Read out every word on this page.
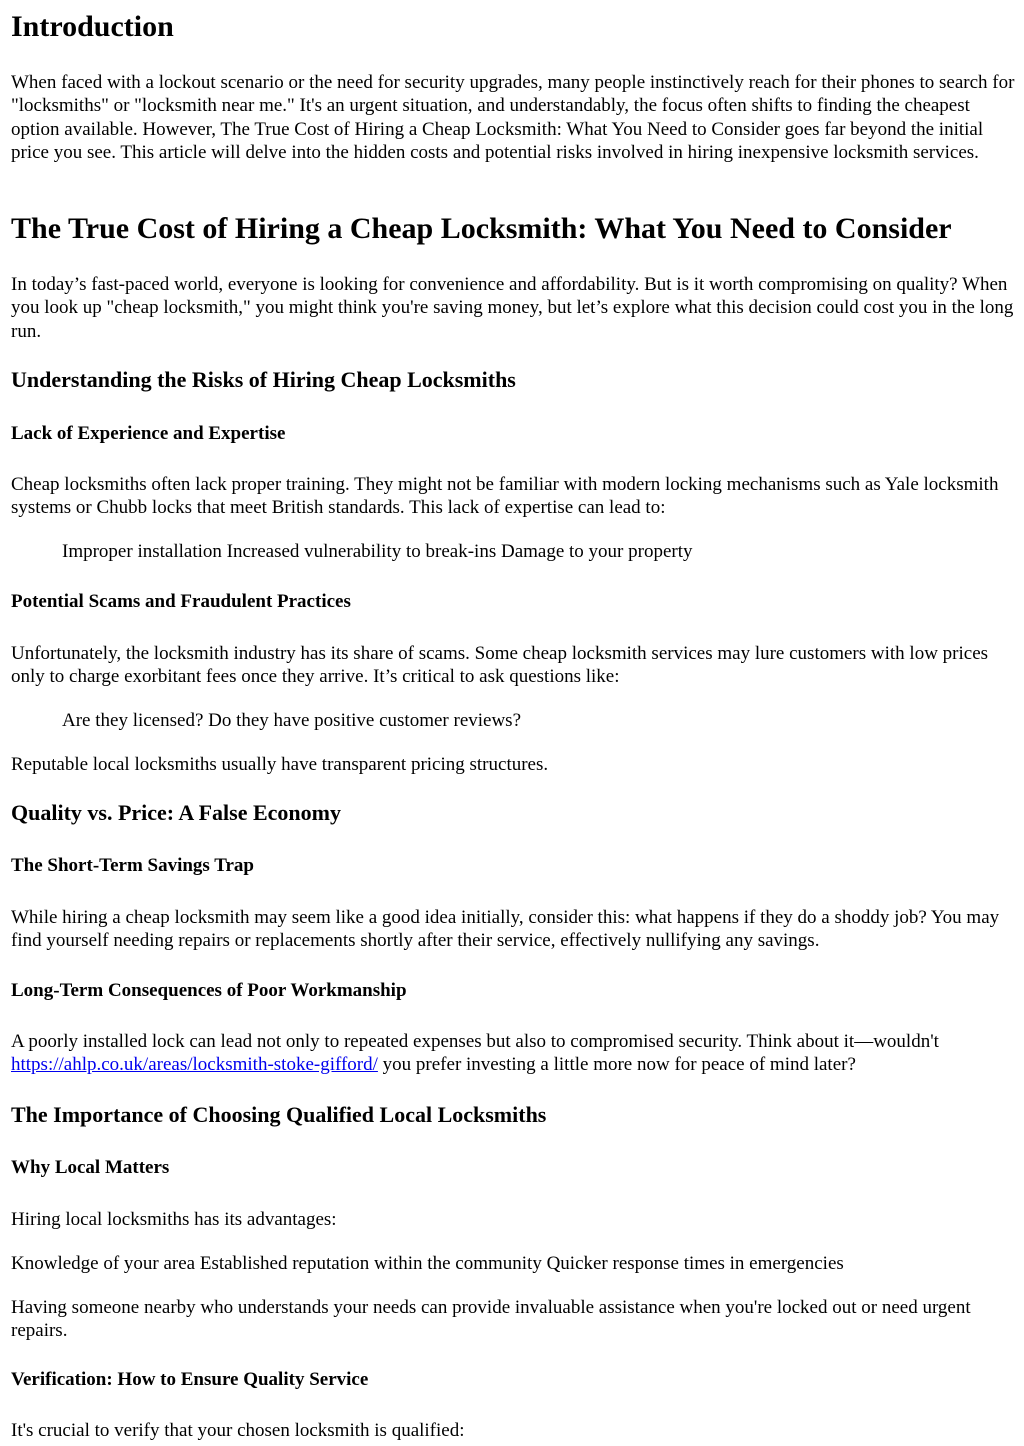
Introduction

When faced with a lockout scenario or the need for security upgrades, many people instinctively reach for their phones to search for "locksmiths" or "locksmith near me." It's an urgent situation, and understandably, the focus often shifts to finding the cheapest option available. However, The True Cost of Hiring a Cheap Locksmith: What You Need to Consider goes far beyond the initial price you see. This article will delve into the hidden costs and potential risks involved in hiring inexpensive locksmith services.

The True Cost of Hiring a Cheap Locksmith: What You Need to Consider

In today’s fast-paced world, everyone is looking for convenience and affordability. But is it worth compromising on quality? When you look up "cheap locksmith," you might think you're saving money, but let’s explore what this decision could cost you in the long run.

Understanding the Risks of Hiring Cheap Locksmiths
Lack of Experience and Expertise

Cheap locksmiths often lack proper training. They might not be familiar with modern locking mechanisms such as Yale locksmith systems or Chubb locks that meet British standards. This lack of expertise can lead to:

Improper installation Increased vulnerability to break-ins Damage to your property

Potential Scams and Fraudulent Practices

Unfortunately, the locksmith industry has its share of scams. Some cheap locksmith services may lure customers with low prices only to charge exorbitant fees once they arrive. It’s critical to ask questions like:

Are they licensed? Do they have positive customer reviews?

Reputable local locksmiths usually have transparent pricing structures.

Quality vs. Price: A False Economy
The Short-Term Savings Trap

While hiring a cheap locksmith may seem like a good idea initially, consider this: what happens if they do a shoddy job? You may find yourself needing repairs or replacements shortly after their service, effectively nullifying any savings.

Long-Term Consequences of Poor Workmanship

A poorly installed lock can lead not only to repeated expenses but also to compromised security. Think about it—wouldn't https://ahlp.co.uk/areas/locksmith-stoke-gifford/ you prefer investing a little more now for peace of mind later?

The Importance of Choosing Qualified Local Locksmiths
Why Local Matters

Hiring local locksmiths has its advantages:

Knowledge of your area Established reputation within the community Quicker response times in emergencies

Having someone nearby who understands your needs can provide invaluable assistance when you're locked out or need urgent repairs.

Verification: How to Ensure Quality Service

It's crucial to verify that your chosen locksmith is qualified:
